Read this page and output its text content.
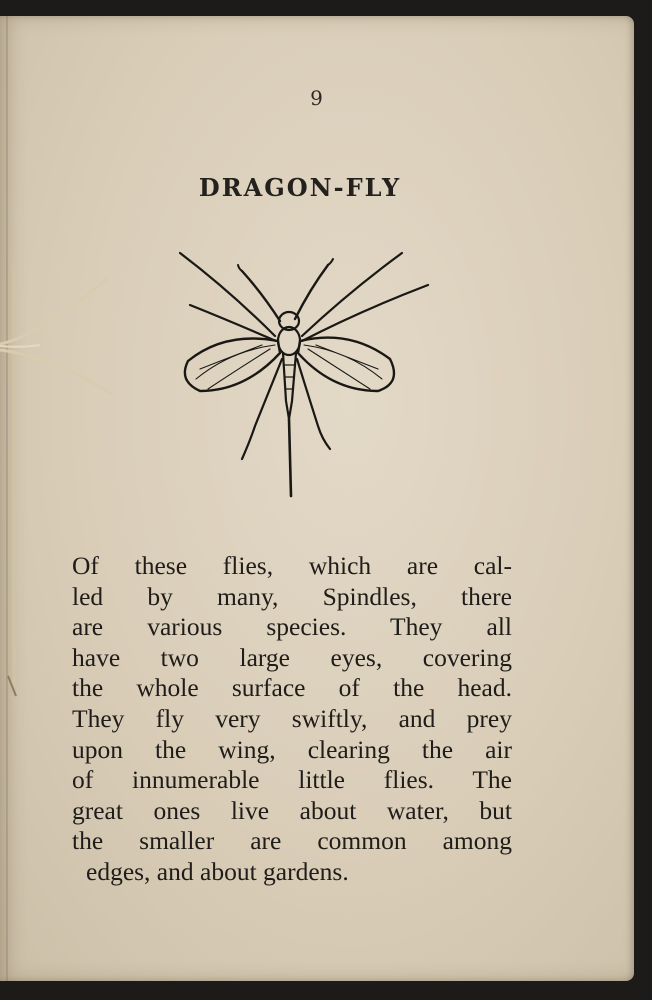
9
DRAGON-FLY
Of these flies, which are cal-
led by many, Spindles, there
are various species. They all
have two large eyes, covering
the whole surface of the head.
They fly very swiftly, and prey
upon the wing, clearing the air
of innumerable little flies. The
great ones live about water, but
the smaller are common among
edges, and about gardens.
